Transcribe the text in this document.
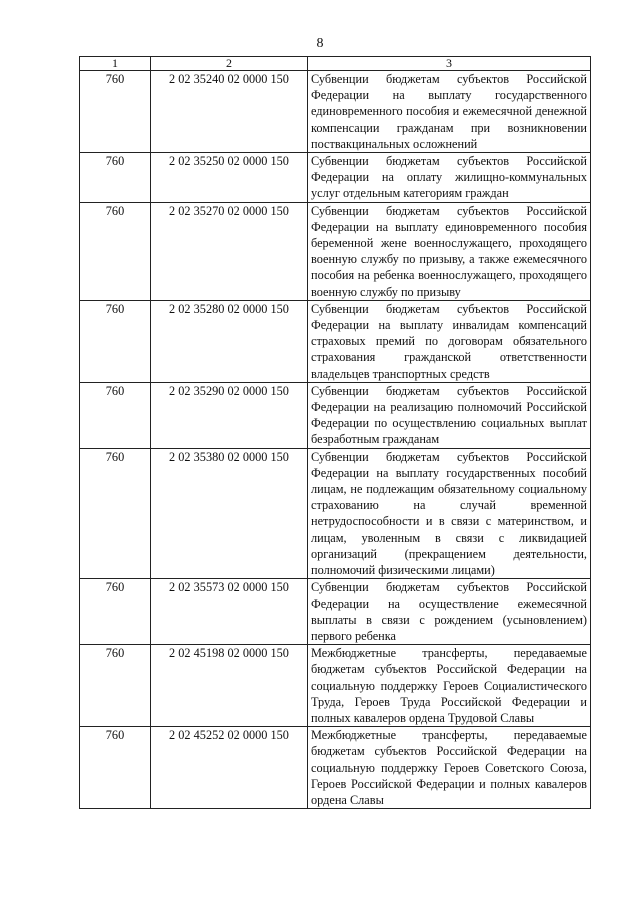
8
1	2	3
760	2 02 35240 02 0000 150	Субвенции бюджетам субъектов Российской Федерации на выплату государственного единовременного пособия и ежемесячной денежной компенсации гражданам при возникновении поствакцинальных осложнений
760	2 02 35250 02 0000 150	Субвенции бюджетам субъектов Российской Федерации на оплату жилищно-коммунальных услуг отдельным категориям граждан
760	2 02 35270 02 0000 150	Субвенции бюджетам субъектов Российской Федерации на выплату единовременного пособия беременной жене военнослужащего, проходящего военную службу по призыву, а также ежемесячного пособия на ребенка военнослужащего, проходящего военную службу по призыву
760	2 02 35280 02 0000 150	Субвенции бюджетам субъектов Российской Федерации на выплату инвалидам компенсаций страховых премий по договорам обязательного страхования гражданской ответственности владельцев транспортных средств
760	2 02 35290 02 0000 150	Субвенции бюджетам субъектов Российской Федерации на реализацию полномочий Российской Федерации по осуществлению социальных выплат безработным гражданам
760	2 02 35380 02 0000 150	Субвенции бюджетам субъектов Российской Федерации на выплату государственных пособий лицам, не подлежащим обязательному социальному страхованию на случай временной нетрудоспособности и в связи с материнством, и лицам, уволенным в связи с ликвидацией организаций (прекращением деятельности, полномочий физическими лицами)
760	2 02 35573 02 0000 150	Субвенции бюджетам субъектов Российской Федерации на осуществление ежемесячной выплаты в связи с рождением (усыновлением) первого ребенка
760	2 02 45198 02 0000 150	Межбюджетные трансферты, передаваемые бюджетам субъектов Российской Федерации на социальную поддержку Героев Социалистического Труда, Героев Труда Российской Федерации и полных кавалеров ордена Трудовой Славы
760	2 02 45252 02 0000 150	Межбюджетные трансферты, передаваемые бюджетам субъектов Российской Федерации на социальную поддержку Героев Советского Союза, Героев Российской Федерации и полных кавалеров ордена Славы
